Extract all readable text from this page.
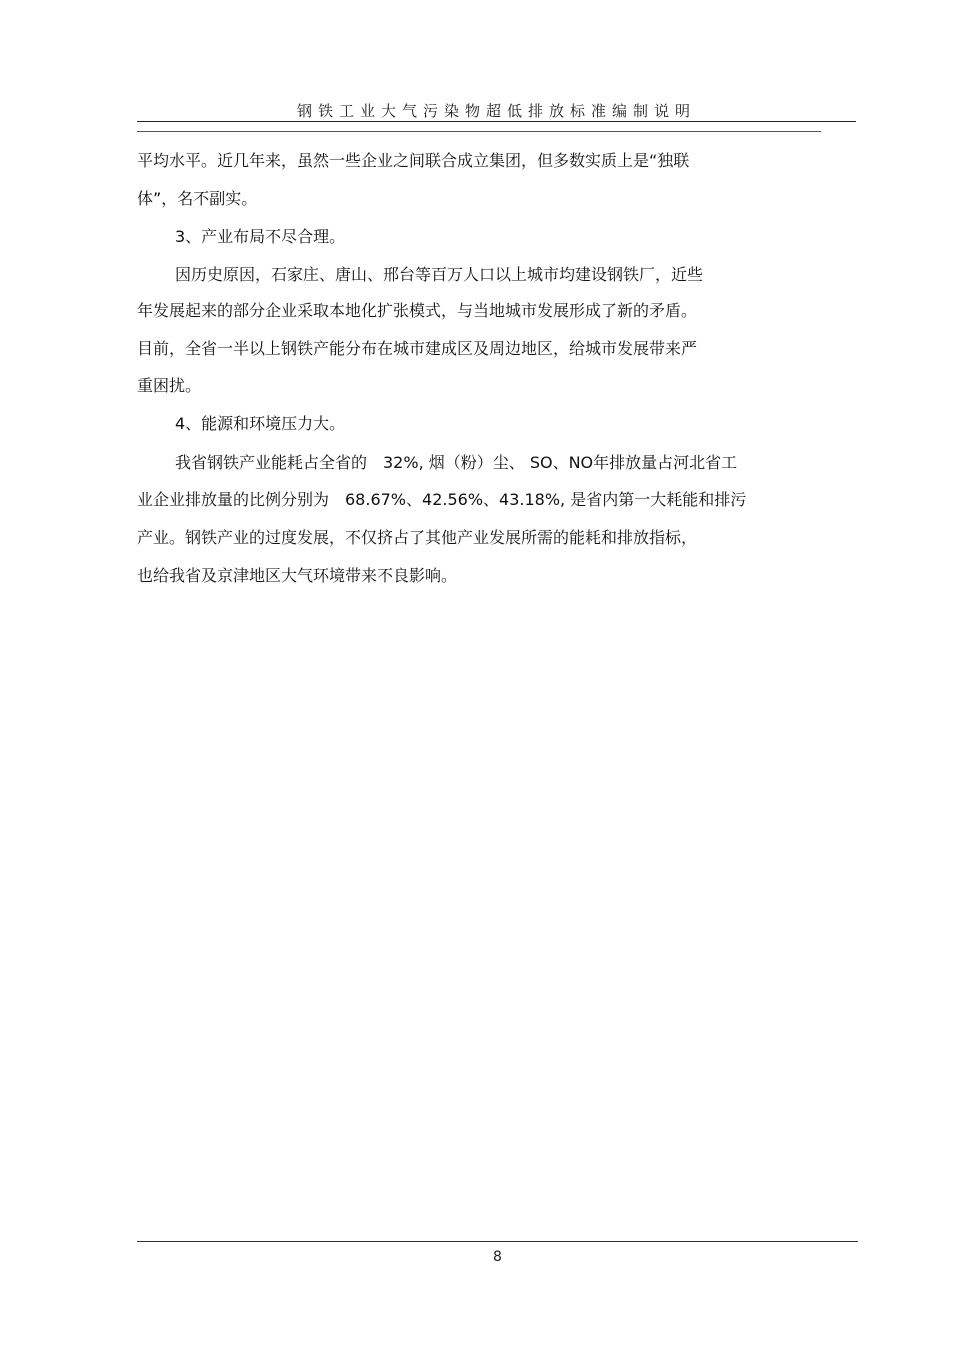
钢铁工业大气污染物超低排放标准编制说明
平均水平。近几年来，虽然一些企业之间联合成立集团，但多数实质上是“独联
体”，名不副实。
3、产业布局不尽合理。
因历史原因，石家庄、唐山、邢台等百万人口以上城市均建设钢铁厂，近些
年发展起来的部分企业采取本地化扩张模式，与当地城市发展形成了新的矛盾。
目前，全省一半以上钢铁产能分布在城市建成区及周边地区，给城市发展带来严
重困扰。
4、能源和环境压力大。
我省钢铁产业能耗占全省的　32%, 烟（粉）尘、 SO、NO年排放量占河北省工
业企业排放量的比例分别为　68.67%、42.56%、43.18%, 是省内第一大耗能和排污
产业。钢铁产业的过度发展，不仅挤占了其他产业发展所需的能耗和排放指标，
也给我省及京津地区大气环境带来不良影响。
8
